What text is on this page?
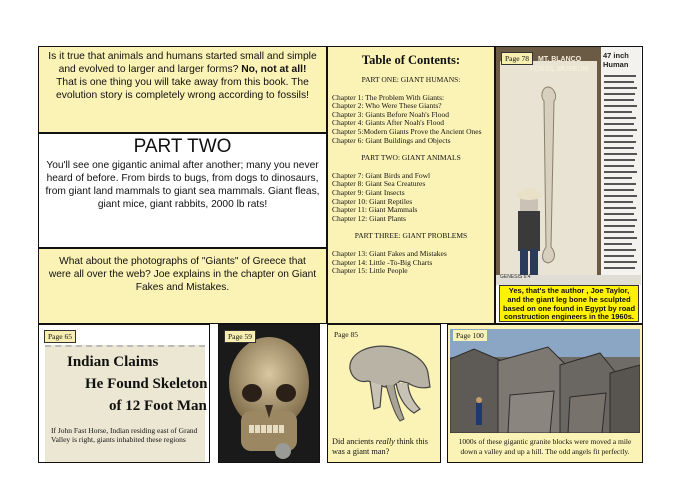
Is it true that animals and humans started small and simple and evolved to larger and larger forms? No, not at all! That is one thing you will take away from this book. The evolution story is completely wrong according to fossils!
PART TWO
You'll see one gigantic animal after another; many you never heard of before. From birds to bugs, from dogs to dinosaurs, from giant land mammals to giant sea mammals. Giant fleas, giant mice, giant rabbits, 2000 lb rats!
What about the photographs of "Giants" of Greece that were all over the web? Joe explains in the chapter on Giant Fakes and Mistakes.
Table of Contents:

PART ONE: GIANT HUMANS:

Chapter 1: The Problem With Giants:

Chapter 2: Who Were These Giants?

Chapter 3: Giants Before Noah's Flood

Chapter 4: Giants After Noah's Flood

Chapter 5:Modern Giants Prove the Ancient Ones

Chapter 6: Giant Buildings and Objects

PART TWO: GIANT ANIMALS

Chapter 7: Giant Birds and Fowl

Chapter 8: Giant Sea Creatures

Chapter 9: Giant Insects

Chapter 10: Giant Reptiles

Chapter 11: Giant Mammals

Chapter 12: Giant Plants

PART THREE: GIANT PROBLEMS

Chapter 13: Giant Fakes and Mistakes

Chapter 14: Little -To-Big Charts

Chapter 15: Little People

MT. BLANCO
FOSSIL MUSEUM
47 inch Human
GENESIS 6:4
Page 78
Yes, that's the author , Joe Taylor, and the giant leg bone he sculpted based on one found in Egypt by road construction engineers in the 1960s.
Indian Claims
He Found Skeleton
of 12 Foot Man
If John Fast Horse, Indian residing east of Grand Valley is right, giants inhabited these regions
Page 65	Page 59	Page 85
Did ancients really think this was a giant man?
Page 100
1000s of these gigantic granite blocks were moved a mile down a valley and up a hill. The odd angels fit perfectly.
